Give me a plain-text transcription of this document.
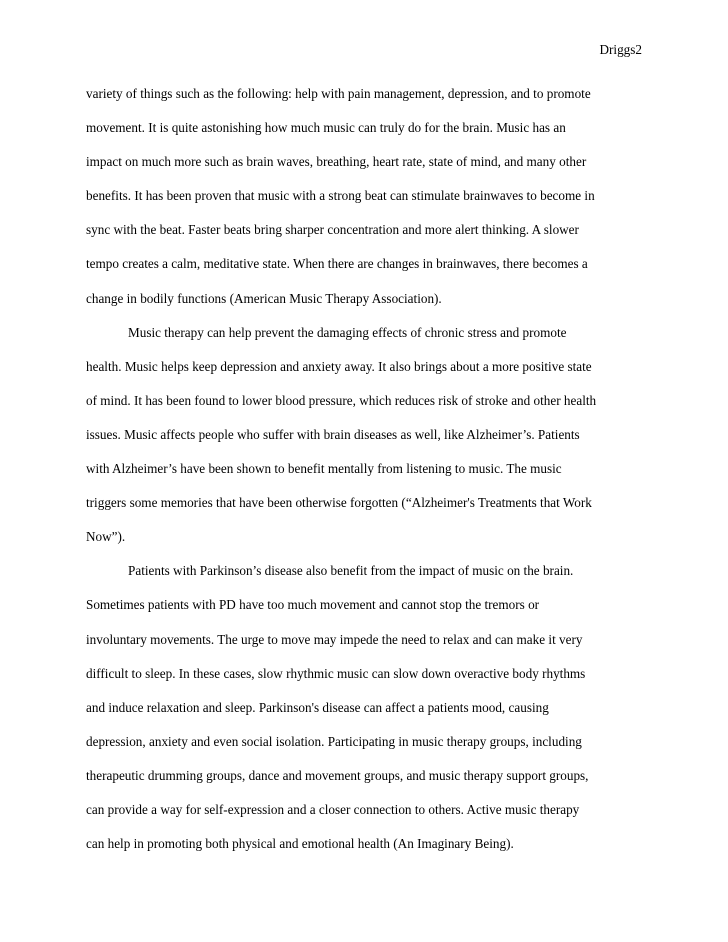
Driggs2
variety of things such as the following: help with pain management, depression, and to promote
movement. It is quite astonishing how much music can truly do for the brain. Music has an
impact on much more such as brain waves, breathing, heart rate, state of mind, and many other
benefits. It has been proven that music with a strong beat can stimulate brainwaves to become in
sync with the beat. Faster beats bring sharper concentration and more alert thinking. A slower
tempo creates a calm, meditative state. When there are changes in brainwaves, there becomes a
change in bodily functions (American Music Therapy Association).
Music therapy can help prevent the damaging effects of chronic stress and promote
health. Music helps keep depression and anxiety away. It also brings about a more positive state
of mind. It has been found to lower blood pressure, which reduces risk of stroke and other health
issues. Music affects people who suffer with brain diseases as well, like Alzheimer’s. Patients
with Alzheimer’s have been shown to benefit mentally from listening to music. The music
triggers some memories that have been otherwise forgotten (“Alzheimer's Treatments that Work
Now”).
Patients with Parkinson’s disease also benefit from the impact of music on the brain.
Sometimes patients with PD have too much movement and cannot stop the tremors or
involuntary movements. The urge to move may impede the need to relax and can make it very
difficult to sleep. In these cases, slow rhythmic music can slow down overactive body rhythms
and induce relaxation and sleep. Parkinson's disease can affect a patients mood, causing
depression, anxiety and even social isolation. Participating in music therapy groups, including
therapeutic drumming groups, dance and movement groups, and music therapy support groups,
can provide a way for self-expression and a closer connection to others. Active music therapy
can help in promoting both physical and emotional health (An Imaginary Being).
